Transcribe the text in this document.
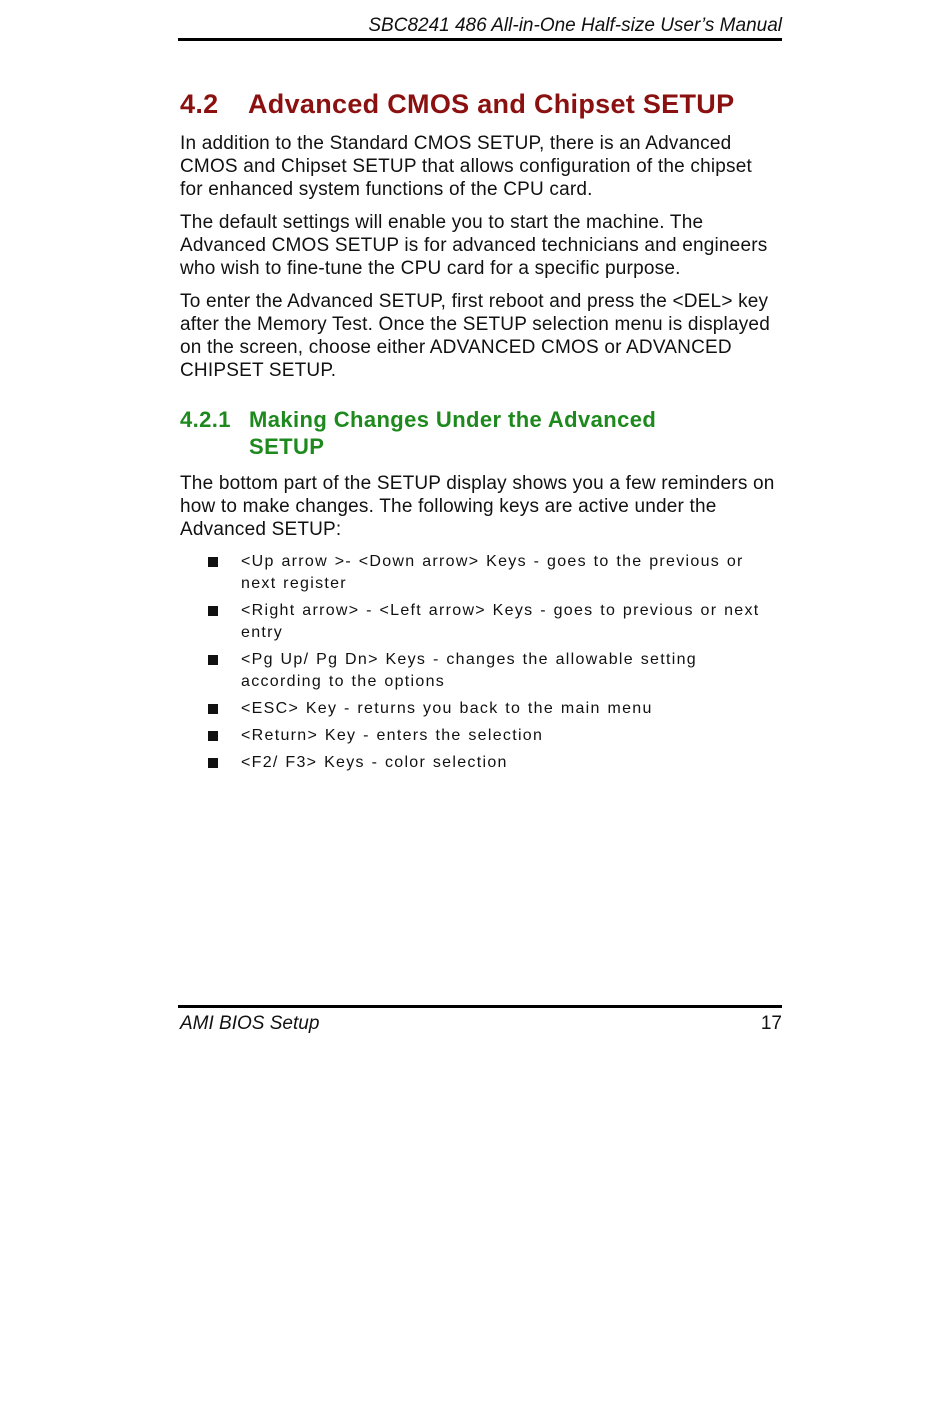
SBC8241 486 All-in-One Half-size User’s Manual
4.2	Advanced CMOS and Chipset SETUP

In addition to the Standard CMOS SETUP, there is an Advanced CMOS and Chipset SETUP that allows configuration of the chipset for enhanced system functions of the CPU card.

The default settings will enable you to start the machine. The Advanced CMOS SETUP is for advanced technicians and engineers who wish to fine-tune the CPU card for a specific purpose.

To enter the Advanced SETUP, first reboot and press the <DEL> key after the Memory Test. Once the SETUP selection menu is displayed on the screen, choose either ADVANCED CMOS or ADVANCED CHIPSET SETUP.

4.2.1 Making Changes Under the Advanced SETUP

The bottom part of the SETUP display shows you a few reminders on how to make changes. The following keys are active under the Advanced SETUP:

<Up arrow >- <Down arrow> Keys - goes to the previous or next register
<Right arrow> - <Left arrow> Keys - goes to previous or next entry
<Pg Up/ Pg Dn> Keys - changes the allowable setting according to the options
<ESC> Key - returns you back to the main menu
<Return> Key - enters the selection
<F2/ F3> Keys - color selection
AMI BIOS Setup	17
